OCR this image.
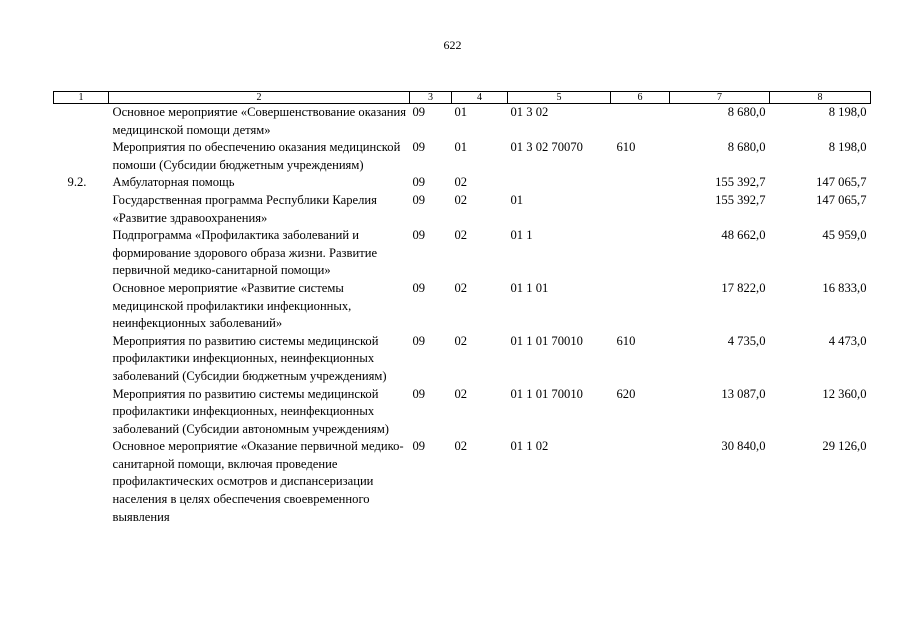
622
1	2	3	4	5	6	7	8
	Основное мероприятие «Совершенствование оказания медицинской помощи детям»	09	01	01 3 02		8 680,0	8 198,0
	Мероприятия по обеспечению оказания медицинской помоши (Субсидии бюджетным учреждениям)	09	01	01 3 02 70070	610	8 680,0	8 198,0
9.2.	Амбулаторная помощь	09	02			155 392,7	147 065,7
	Государственная программа Республики Карелия «Развитие здравоохранения»	09	02	01		155 392,7	147 065,7
	Подпрограмма «Профилактика заболеваний и формирование здорового образа жизни. Развитие первичной медико-санитарной помощи»	09	02	01 1		48 662,0	45 959,0
	Основное мероприятие «Развитие системы медицинской профилактики инфекционных, неинфекционных заболеваний»	09	02	01 1 01		17 822,0	16 833,0
	Мероприятия по развитию системы медицинской профилактики инфекционных, неинфекционных заболеваний (Субсидии бюджетным учреждениям)	09	02	01 1 01 70010	610	4 735,0	4 473,0
	Мероприятия по развитию системы медицинской профилактики инфекционных, неинфекционных заболеваний (Субсидии автономным учреждениям)	09	02	01 1 01 70010	620	13 087,0	12 360,0
	Основное мероприятие «Оказание первичной медико-санитарной помощи, включая проведение профилактических осмотров и диспансеризации населения в целях обеспечения своевременного выявления	09	02	01 1 02		30 840,0	29 126,0
